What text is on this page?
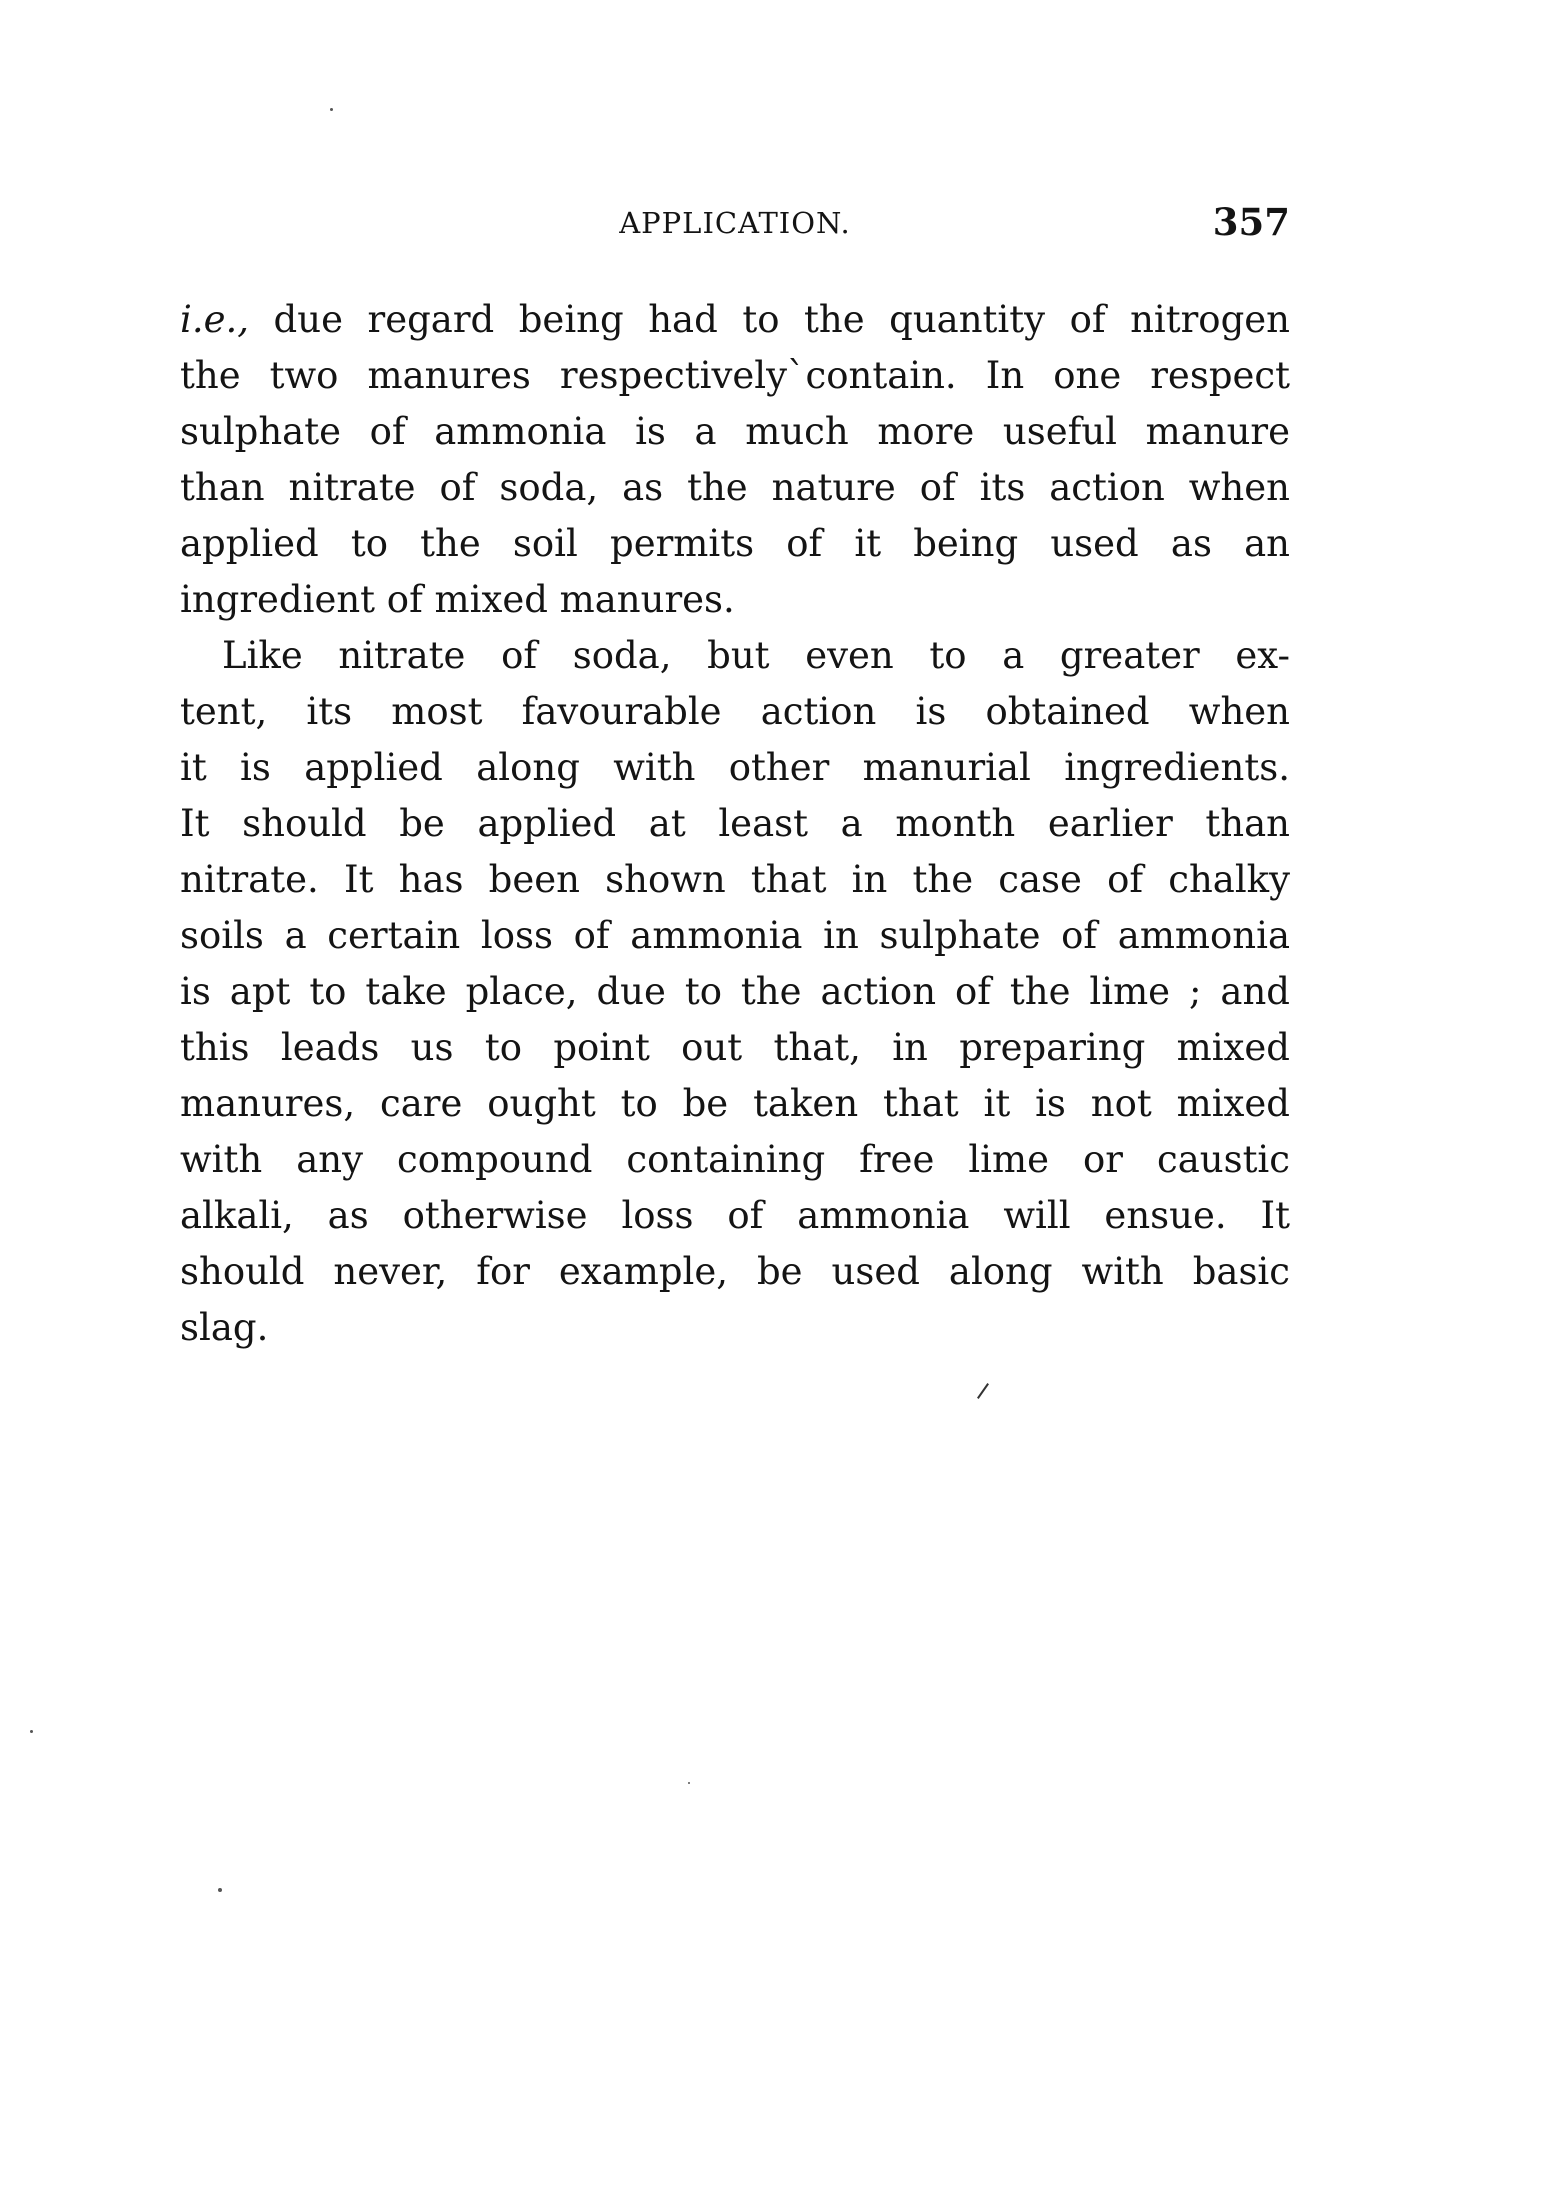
APPLICATION.	357
i.e., due regard being had to the quantity of nitrogen
the two manures respectively`contain. In one respect
sulphate of ammonia is a much more useful manure
than nitrate of soda, as the nature of its action when
applied to the soil permits of it being used as an
ingredient of mixed manures.
Like nitrate of soda, but even to a greater ex-
tent, its most favourable action is obtained when
it is applied along with other manurial ingredients.
It should be applied at least a month earlier than
nitrate. It has been shown that in the case of chalky
soils a certain loss of ammonia in sulphate of ammonia
is apt to take place, due to the action of the lime ; and
this leads us to point out that, in preparing mixed
manures, care ought to be taken that it is not mixed
with any compound containing free lime or caustic
alkali, as otherwise loss of ammonia will ensue. It
should never, for example, be used along with basic
slag.
